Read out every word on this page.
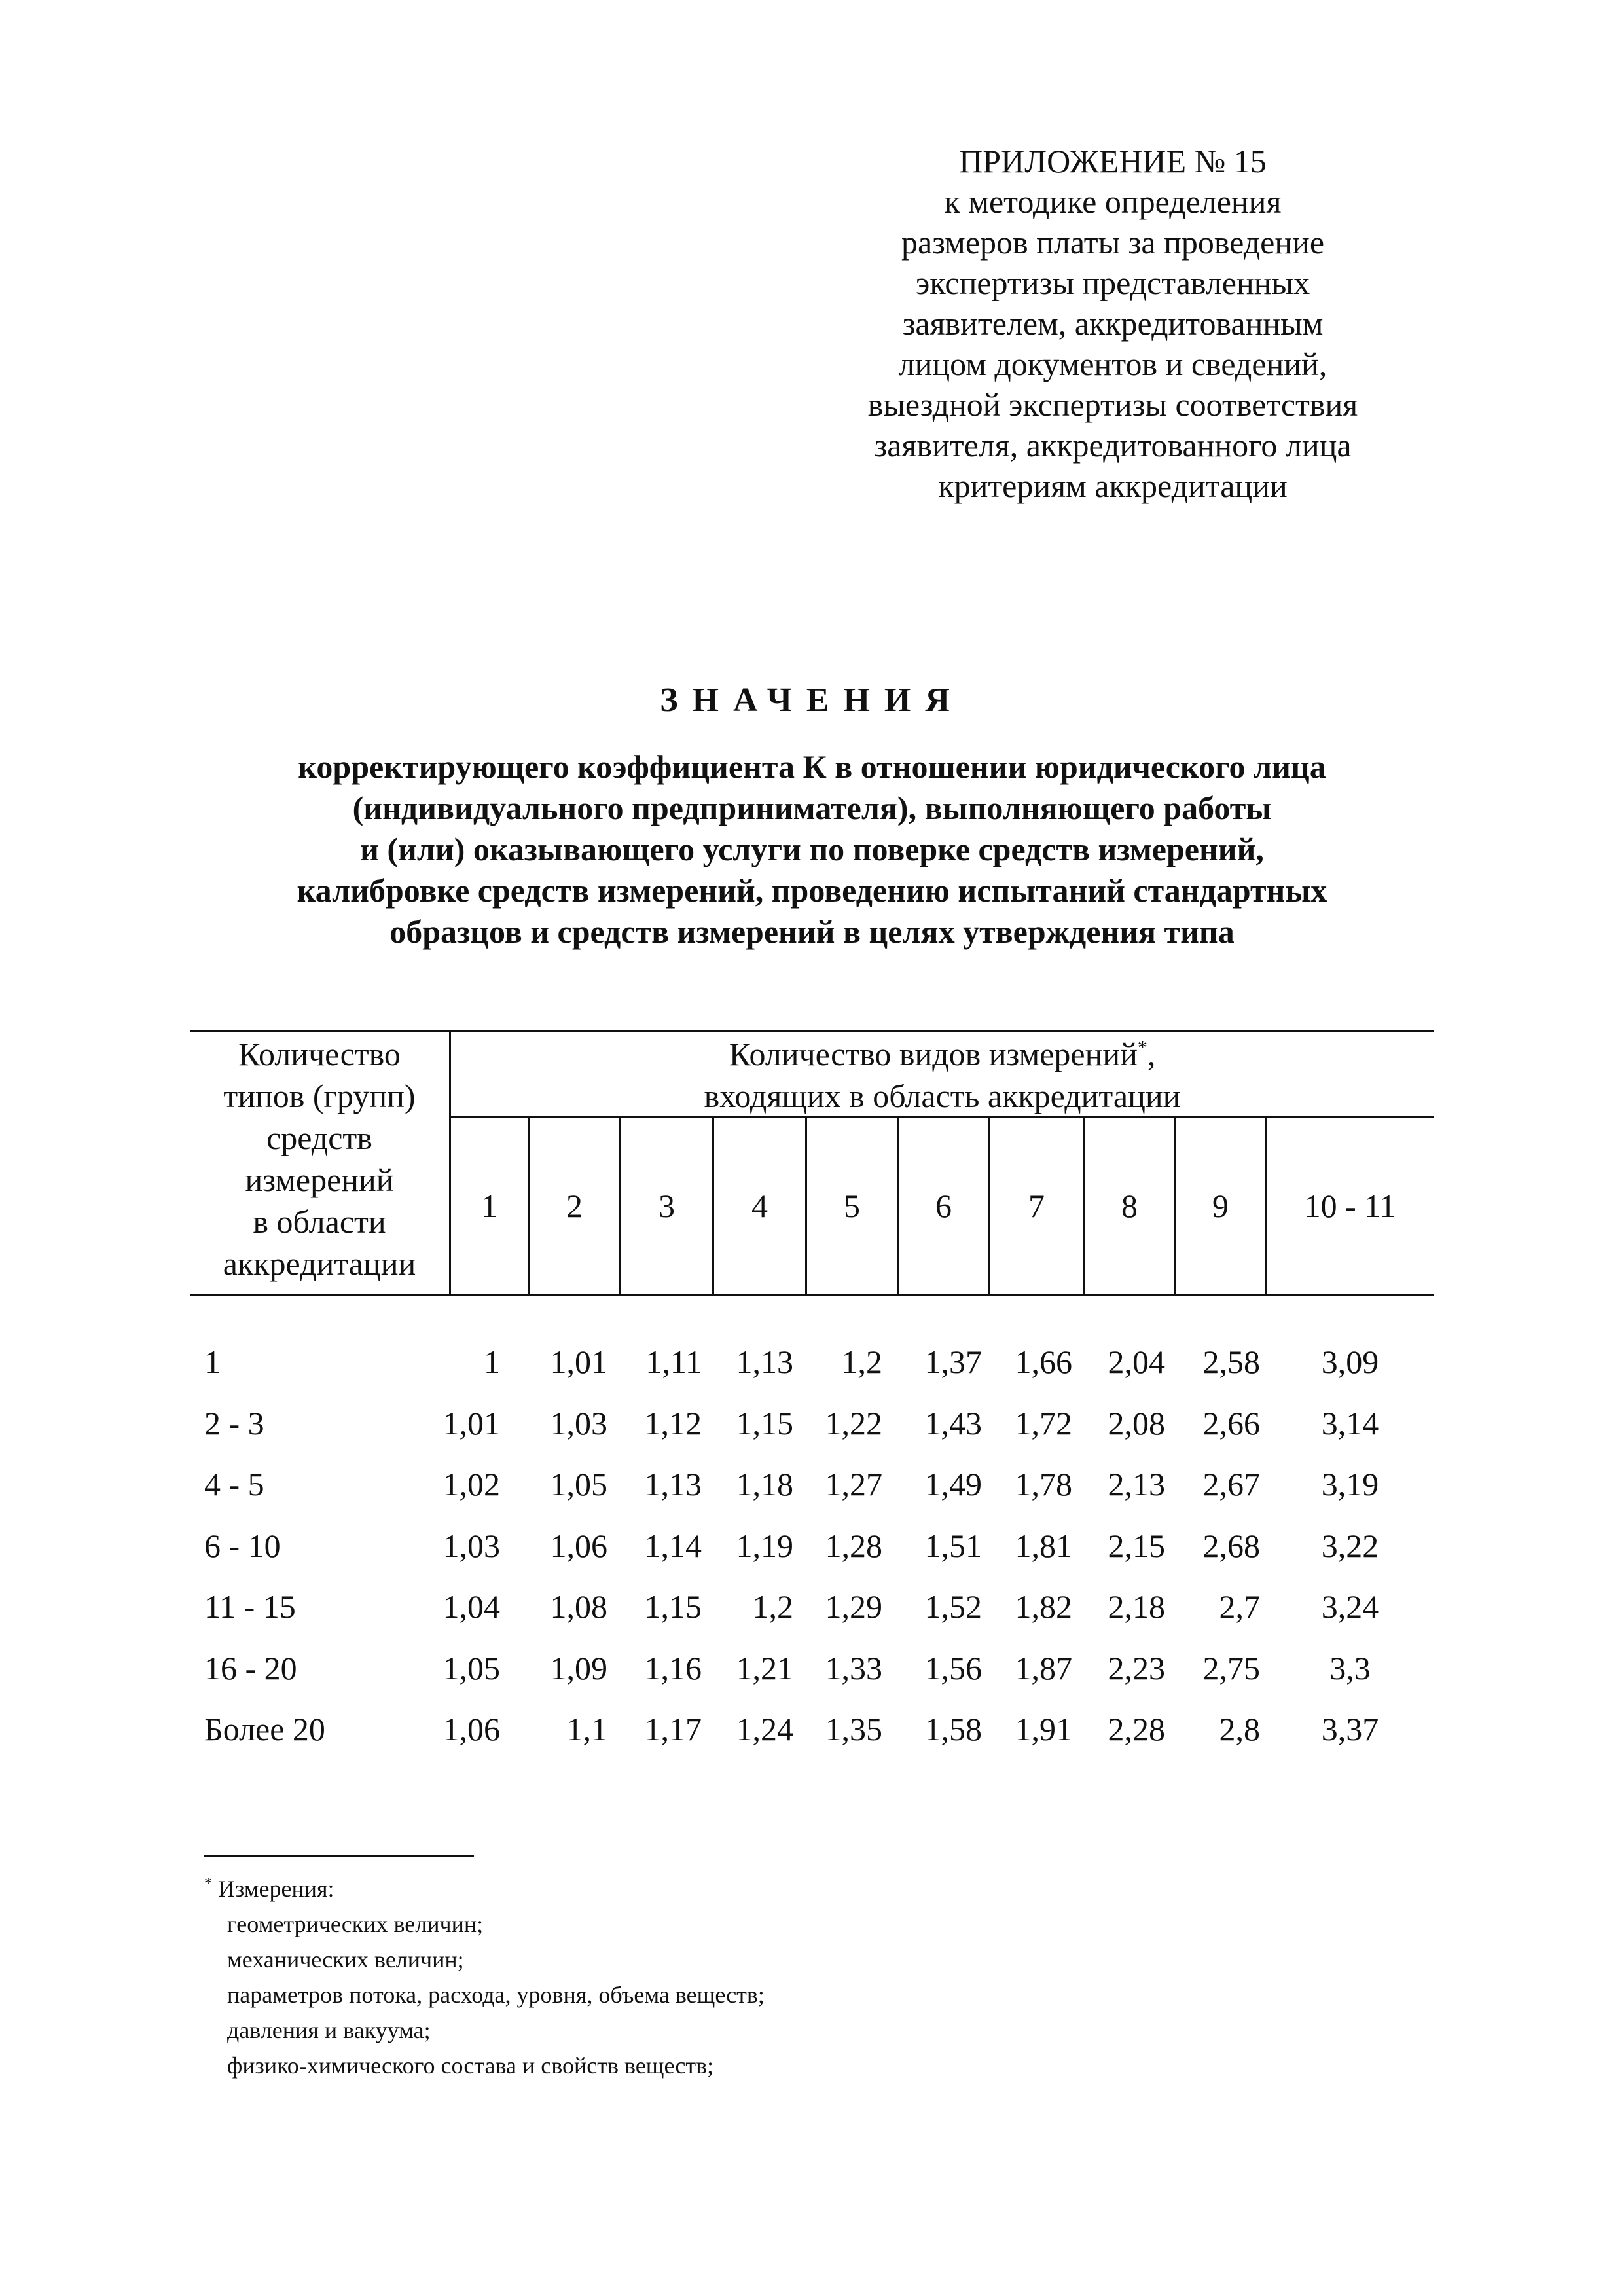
ПРИЛОЖЕНИЕ № 15
к методике определения
размеров платы за проведение
экспертизы представленных
заявителем, аккредитованным
лицом документов и сведений,
выездной экспертизы соответствия
заявителя, аккредитованного лица
критериям аккредитации
ЗНАЧЕНИЯ
корректирующего коэффициента К в отношении юридического лица
(индивидуального предпринимателя), выполняющего работы
и (или) оказывающего услуги по поверке средств измерений,
калибровке средств измерений, проведению испытаний стандартных
образцов и средств измерений в целях утверждения типа
Количество
типов (групп)
средств
измерений
в области
аккредитации
Количество видов измерений*,
входящих в область аккредитации
1	2	3	4	5	6	7	8	9	10 - 11
1	1 1,01 1,11 1,13 1,2 1,37 1,66 2,04 2,58	3,09
2 - 3	1,01 1,03 1,12 1,15 1,22 1,43 1,72 2,08 2,66	3,14
4 - 5	1,02 1,05 1,13 1,18 1,27 1,49 1,78 2,13 2,67	3,19
6 - 10	1,03 1,06 1,14 1,19 1,28 1,51 1,81 2,15 2,68	3,22
11 - 15	1,04 1,08 1,15 1,2 1,29 1,52 1,82 2,18 2,7	3,24
16 - 20	1,05 1,09 1,16 1,21 1,33 1,56 1,87 2,23 2,75	3,3
Более 20	1,06 1,1 1,17 1,24 1,35 1,58 1,91 2,28 2,8	3,37
* Измерения:
геометрических величин;
механических величин;
параметров потока, расхода, уровня, объема веществ;
давления и вакуума;
физико-химического состава и свойств веществ;
